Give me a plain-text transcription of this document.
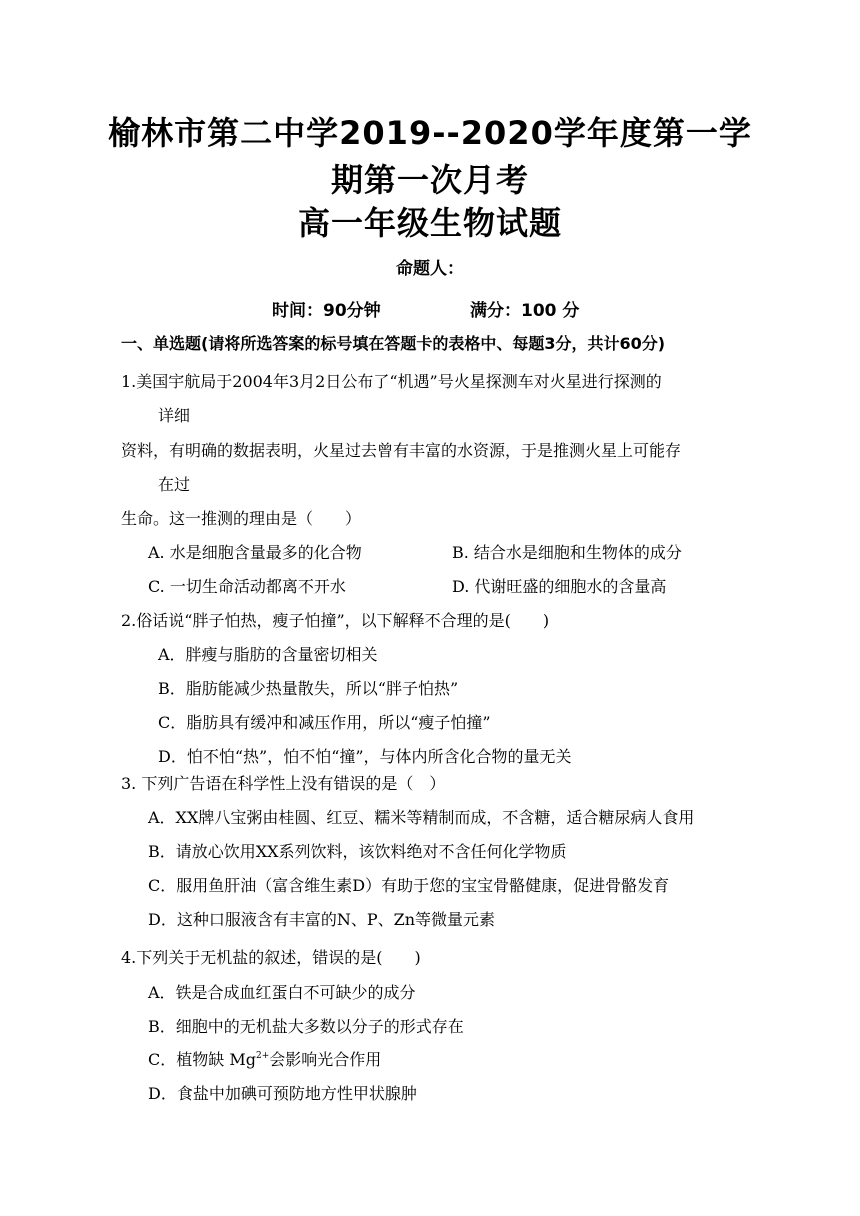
榆林市第二中学2019--2020学年度第一学
期第一次月考
高一年级生物试题
命题人：
时间：90分钟	满分：100 分
一、单选题(请将所选答案的标号填在答题卡的表格中、每题3分，共计60分)
1.美国宇航局于2004年3月2日公布了“机遇”号火星探测车对火星进行探测的
详细
资料，有明确的数据表明，火星过去曾有丰富的水资源，于是推测火星上可能存
在过
生命。这一推测的理由是（　　）
A. 水是细胞含量最多的化合物	B. 结合水是细胞和生物体的成分
C. 一切生命活动都离不开水	D. 代谢旺盛的细胞水的含量高
2.俗话说“胖子怕热，瘦子怕撞”，以下解释不合理的是(　　)
A．胖瘦与脂肪的含量密切相关
B．脂肪能减少热量散失，所以“胖子怕热”
C．脂肪具有缓冲和减压作用，所以“瘦子怕撞”
D．怕不怕“热”，怕不怕“撞”，与体内所含化合物的量无关
3. 下列广告语在科学性上没有错误的是（　）
A．XX牌八宝粥由桂圆、红豆、糯米等精制而成，不含糖，适合糖尿病人食用
B．请放心饮用XX系列饮料，该饮料绝对不含任何化学物质
C．服用鱼肝油（富含维生素D）有助于您的宝宝骨骼健康，促进骨骼发育
D．这种口服液含有丰富的N、P、Zn等微量元素
4.下列关于无机盐的叙述，错误的是(　　)
A．铁是合成血红蛋白不可缺少的成分
B．细胞中的无机盐大多数以分子的形式存在
C．植物缺 $Mg^{2+}$会影响光合作用
D．食盐中加碘可预防地方性甲状腺肿
